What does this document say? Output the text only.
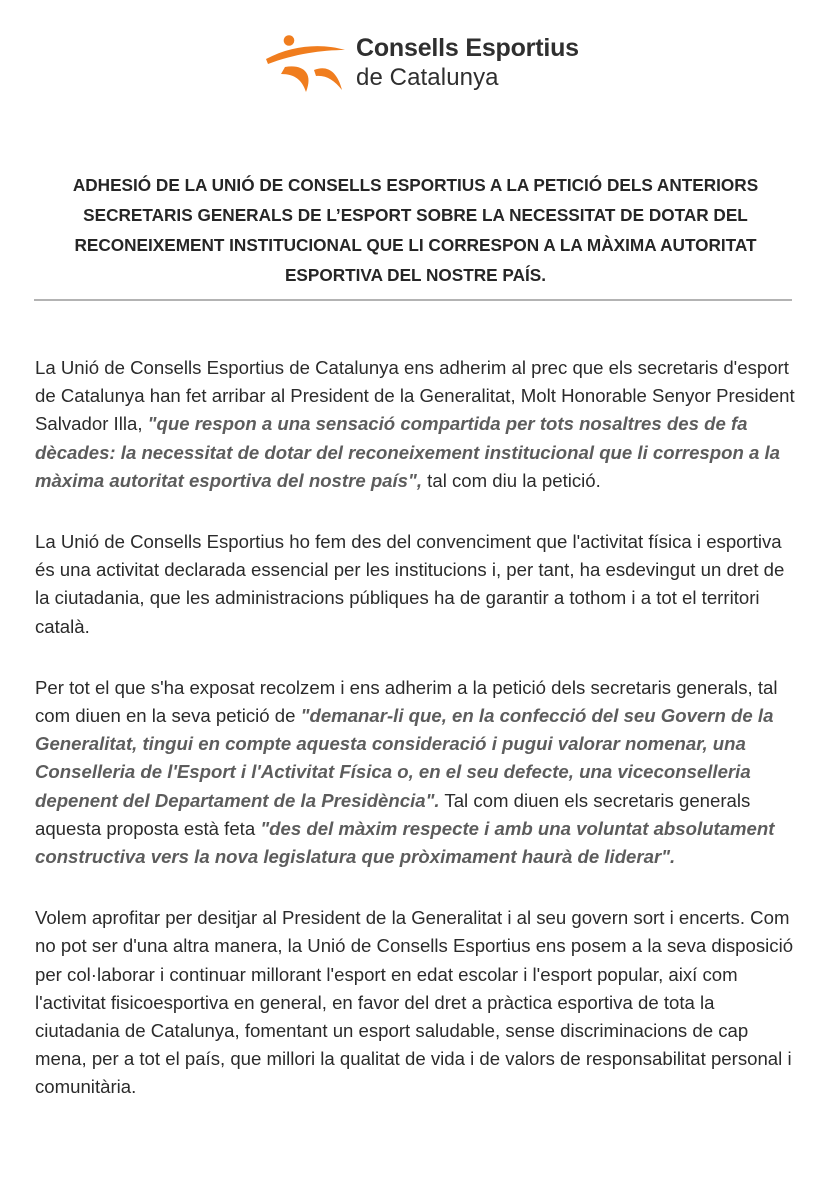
Consells Esportius
de Catalunya
ADHESIÓ DE LA UNIÓ DE CONSELLS ESPORTIUS A LA PETICIÓ DELS ANTERIORS SECRETARIS GENERALS DE L’ESPORT SOBRE LA NECESSITAT DE DOTAR DEL RECONEIXEMENT INSTITUCIONAL QUE LI CORRESPON A LA MÀXIMA AUTORITAT ESPORTIVA DEL NOSTRE PAÍS.

La Unió de Consells Esportius de Catalunya ens adherim al prec que els secretaris d'esport de Catalunya han fet arribar al President de la Generalitat, Molt Honorable Senyor President Salvador Illa, "que respon a una sensació compartida per tots nosaltres des de fa dècades: la necessitat de dotar del reconeixement institucional que li correspon a la màxima autoritat esportiva del nostre país", tal com diu la petició.

La Unió de Consells Esportius ho fem des del convenciment que l'activitat física i esportiva és una activitat declarada essencial per les institucions i, per tant, ha esdevingut un dret de la ciutadania, que les administracions públiques ha de garantir a tothom i a tot el territori català.

Per tot el que s'ha exposat recolzem i ens adherim a la petició dels secretaris generals, tal com diuen en la seva petició de "demanar-li que, en la confecció del seu Govern de la Generalitat, tingui en compte aquesta consideració i pugui valorar nomenar, una Conselleria de l'Esport i l'Activitat Física o, en el seu defecte, una viceconselleria depenent del Departament de la Presidència". Tal com diuen els secretaris generals aquesta proposta està feta "des del màxim respecte i amb una voluntat absolutament constructiva vers la nova legislatura que pròximament haurà de liderar".

Volem aprofitar per desitjar al President de la Generalitat i al seu govern sort i encerts. Com no pot ser d'una altra manera, la Unió de Consells Esportius ens posem a la seva disposició per col·laborar i continuar millorant l'esport en edat escolar i l'esport popular, així com l'activitat fisicoesportiva en general, en favor del dret a pràctica esportiva de tota la ciutadania de Catalunya, fomentant un esport saludable, sense discriminacions de cap mena, per a tot el país, que millori la qualitat de vida i de valors de responsabilitat personal i comunitària.
